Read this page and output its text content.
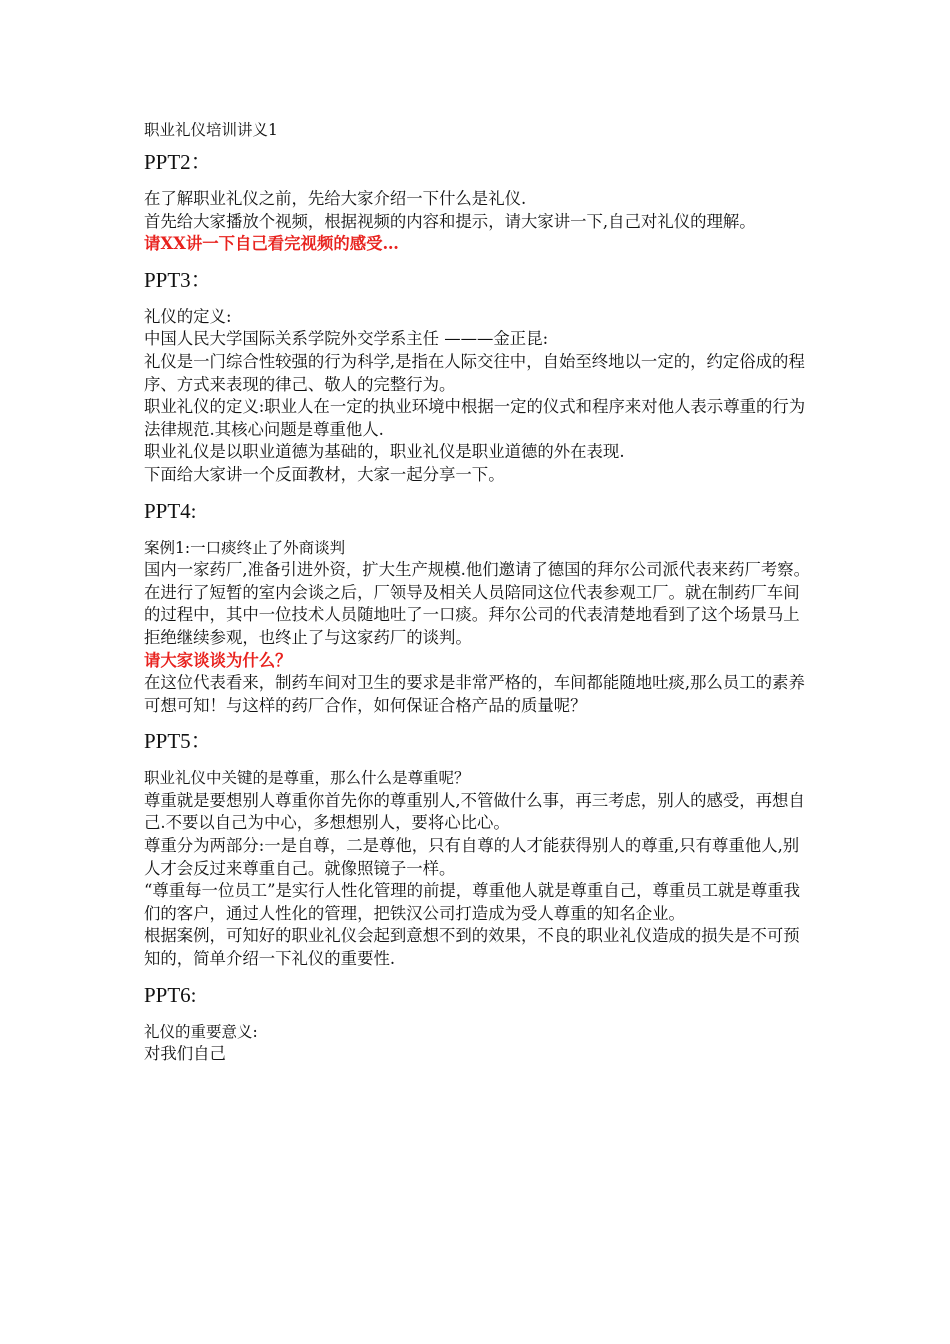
职业礼仪培训讲义1
PPT2：

在了解职业礼仪之前，先给大家介绍一下什么是礼仪.

首先给大家播放个视频，根据视频的内容和提示，请大家讲一下,自己对礼仪的理解。

请XX讲一下自己看完视频的感受…

PPT3：

礼仪的定义:

中国人民大学国际关系学院外交学系主任 ———金正昆:

礼仪是一门综合性较强的行为科学,是指在人际交往中，自始至终地以一定的，约定俗成的程序、方式来表现的律己、敬人的完整行为。

职业礼仪的定义:职业人在一定的执业环境中根据一定的仪式和程序来对他人表示尊重的行为法律规范.其核心问题是尊重他人.

职业礼仪是以职业道德为基础的，职业礼仪是职业道德的外在表现.

下面给大家讲一个反面教材，大家一起分享一下。

PPT4:

案例1:一口痰终止了外商谈判

国内一家药厂,准备引进外资，扩大生产规模.他们邀请了德国的拜尔公司派代表来药厂考察。在进行了短暂的室内会谈之后，厂领导及相关人员陪同这位代表参观工厂。就在制药厂车间的过程中，其中一位技术人员随地吐了一口痰。拜尔公司的代表清楚地看到了这个场景马上拒绝继续参观，也终止了与这家药厂的谈判。

请大家谈谈为什么？

在这位代表看来，制药车间对卫生的要求是非常严格的，车间都能随地吐痰,那么员工的素养可想可知！与这样的药厂合作，如何保证合格产品的质量呢？

PPT5：

职业礼仪中关键的是尊重，那么什么是尊重呢？

尊重就是要想别人尊重你首先你的尊重别人,不管做什么事，再三考虑，别人的感受，再想自己.不要以自己为中心，多想想别人，要将心比心。

尊重分为两部分:一是自尊，二是尊他，只有自尊的人才能获得别人的尊重,只有尊重他人,别人才会反过来尊重自己。就像照镜子一样。

“尊重每一位员工”是实行人性化管理的前提，尊重他人就是尊重自己，尊重员工就是尊重我们的客户，通过人性化的管理，把铁汉公司打造成为受人尊重的知名企业。

根据案例，可知好的职业礼仪会起到意想不到的效果，不良的职业礼仪造成的损失是不可预知的，简单介绍一下礼仪的重要性.

PPT6:

礼仪的重要意义:

对我们自己
